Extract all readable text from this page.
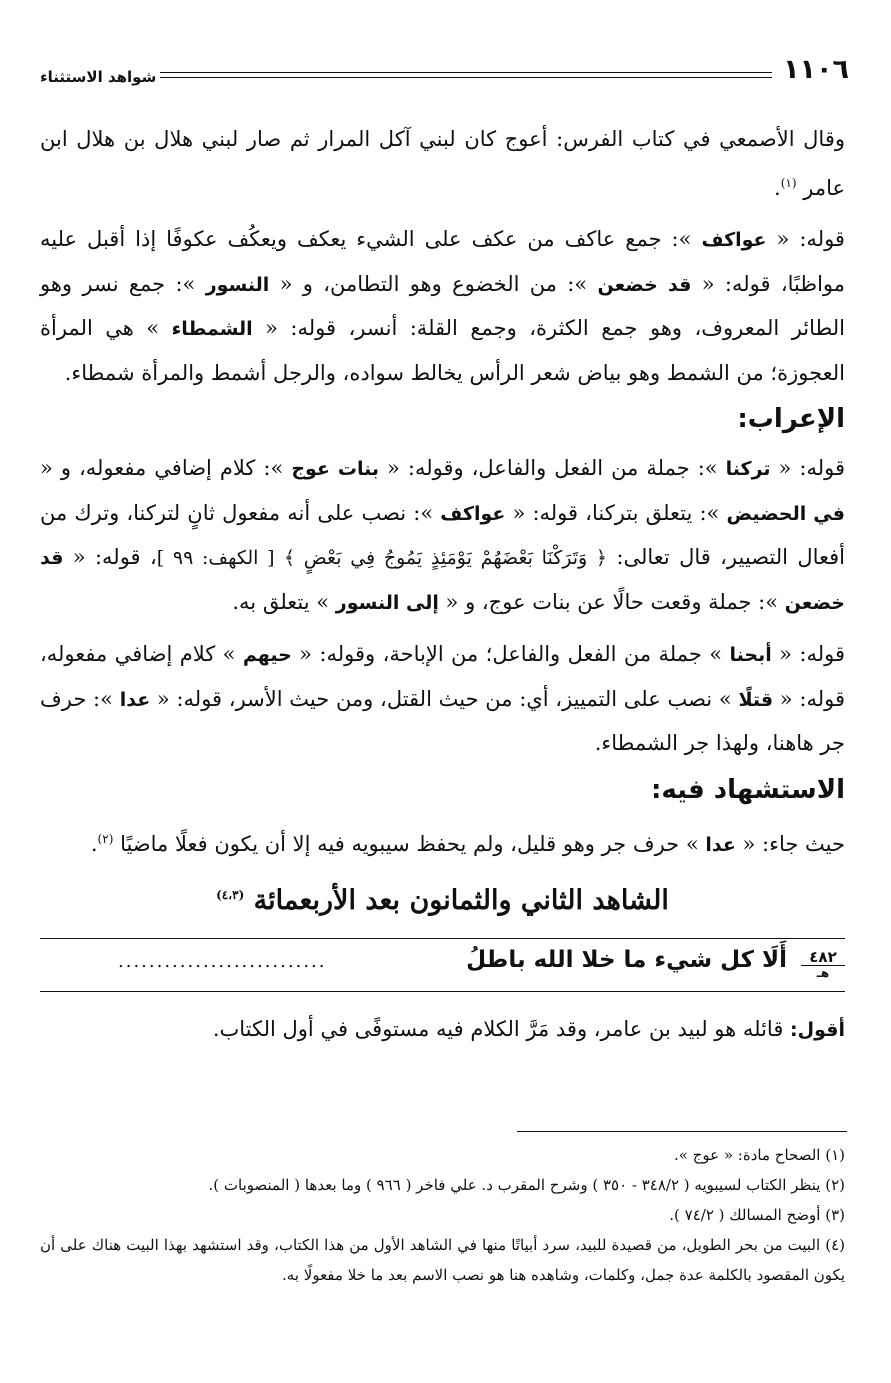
١١٠٦
شواهد الاستثناء

وقال الأصمعي في كتاب الفرس: أعوج كان لبني آكل المرار ثم صار لبني هلال بن هلال ابن عامر $^{(١)}$.

قوله: « عواكف »: جمع عاكف من عكف على الشيء يعكف ويعكُف عكوفًا إذا أقبل عليه مواظبًا، قوله: « قد خضعن »: من الخضوع وهو التطامن، و « النسور »: جمع نسر وهو الطائر المعروف، وهو جمع الكثرة، وجمع القلة: أنسر، قوله: « الشمطاء » هي المرأة العجوزة؛ من الشمط وهو بياض شعر الرأس يخالط سواده، والرجل أشمط والمرأة شمطاء.

الإعراب:

قوله: « تركنا »: جملة من الفعل والفاعل، وقوله: « بنات عوج »: كلام إضافي مفعوله، و « في الحضيض »: يتعلق بتركنا، قوله: « عواكف »: نصب على أنه مفعول ثانٍ لتركنا، وترك من أفعال التصيير، قال تعالى: ﴿ وَتَرَكْنَا بَعْضَهُمْ يَوْمَئِذٍ يَمُوجُ فِي بَعْضٍ ﴾ [ الكهف: ٩٩ ]، قوله: « قد خضعن »: جملة وقعت حالًا عن بنات عوج، و « إلى النسور » يتعلق به.

قوله: « أبحنا » جملة من الفعل والفاعل؛ من الإباحة، وقوله: « حيهم » كلام إضافي مفعوله، قوله: « قتلًا » نصب على التمييز، أي: من حيث القتل، ومن حيث الأسر، قوله: « عدا »: حرف جر هاهنا، ولهذا جر الشمطاء.

الاستشهاد فيه:

حيث جاء: « عدا » حرف جر وهو قليل، ولم يحفظ سيبويه فيه إلا أن يكون فعلًا ماضيًا $^{(٢)}$.

الشاهد الثاني والثمانون بعد الأربعمائة $^{(٤،٣)}$
٤٨٢
هـ
أَلَا كل شيء ما خلا الله باطلُ
...........................

أقول: قائله هو لبيد بن عامر، وقد مَرَّ الكلام فيه مستوفًى في أول الكتاب.

(١) الصحاح مادة: « عوج ».

(٢) ينظر الكتاب لسيبويه ( ٣٤٨/٢ - ٣٥٠ ) وشرح المقرب د. علي فاخر ( ٩٦٦ ) وما بعدها ( المنصوبات ).

(٣) أوضح المسالك ( ٧٤/٢ ).

(٤) البيت من بحر الطويل، من قصيدة للبيد، سرد أبياتًا منها في الشاهد الأول من هذا الكتاب، وقد استشهد بهذا البيت هناك على أن يكون المقصود بالكلمة عدة جمل، وكلمات، وشاهده هنا هو نصب الاسم بعد ما خلا مفعولًا به.
